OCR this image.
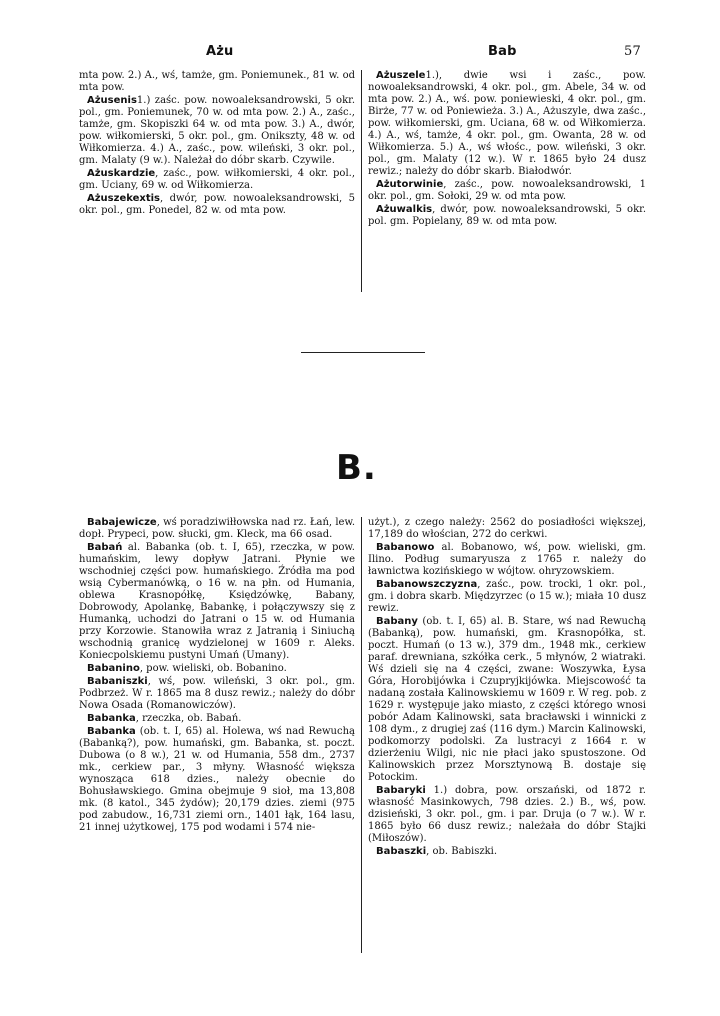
Ażu	Bab	57

mta pow. 2.) A., wś, tamże, gm. Poniemunek., 81 w. od mta pow.

Ażusenis1.) zaśc. pow. nowoaleksandrowski, 5 okr. pol., gm. Poniemunek, 70 w. od mta pow. 2.) A., zaśc., tamże, gm. Skopiszki 64 w. od mta pow. 3.) A., dwór, pow. wiłkomierski, 5 okr. pol., gm. Onikszty, 48 w. od Wiłkomierza. 4.) A., zaśc., pow. wileński, 3 okr. pol., gm. Malaty (9 w.). Należał do dóbr skarb. Czywile.

Ażuskardzie, zaśc., pow. wiłkomierski, 4 okr. pol., gm. Uciany, 69 w. od Wiłkomierza.

Ażuszekextis, dwór, pow. nowoaleksandrowski, 5 okr. pol., gm. Ponedel, 82 w. od mta pow.

Ażuszele1.), dwie wsi i zaśc., pow. nowoaleksandrowski, 4 okr. pol., gm. Abele, 34 w. od mta pow. 2.) A., wś. pow. poniewieski, 4 okr. pol., gm. Birże, 77 w. od Poniewieża. 3.) A., Ażuszyle, dwa zaśc., pow. wiłkomierski, gm. Uciana, 68 w. od Wiłkomierza. 4.) A., wś, tamże, 4 okr. pol., gm. Owanta, 28 w. od Wiłkomierza. 5.) A., wś włośc., pow. wileński, 3 okr. pol., gm. Malaty (12 w.). W r. 1865 było 24 dusz rewiz.; należy do dóbr skarb. Białodwór.

Ażutorwinie, zaśc., pow. nowoaleksandrowski, 1 okr. pol., gm. Sołoki, 29 w. od mta pow.

Ażuwalkis, dwór, pow. nowoaleksandrowski, 5 okr. pol. gm. Popielany, 89 w. od mta pow.

B.

Babajewicze, wś poradziwiłłowska nad rz. Łań, lew. dopł. Prypeci, pow. słucki, gm. Kleck, ma 66 osad.

Babań al. Babanka (ob. t. I, 65), rzeczka, w pow. humańskim, lewy dopływ Jatrani. Płynie we wschodniej części pow. humańskiego. Źródła ma pod wsią Cybermanówką, o 16 w. na płn. od Humania, oblewa Krasnopółkę, Księdzówkę, Babany, Dobrowody, Apolankę, Babankę, i połączywszy się z Humanką, uchodzi do Jatrani o 15 w. od Humania przy Korzowie. Stanowiła wraz z Jatranią i Siniuchą wschodnią granicę wydzielonej w 1609 r. Aleks. Koniecpolskiemu pustyni Umań (Umany).

Babanino, pow. wieliski, ob. Bobanino.

Babaniszki, wś, pow. wileński, 3 okr. pol., gm. Podbrzeż. W r. 1865 ma 8 dusz rewiz.; należy do dóbr Nowa Osada (Romanowiczów).

Babanka, rzeczka, ob. Babań.

Babanka (ob. t. I, 65) al. Holewa, wś nad Rewuchą (Babanką?), pow. humański, gm. Babanka, st. poczt. Dubowa (o 8 w.), 21 w. od Humania, 558 dm., 2737 mk., cerkiew par., 3 młyny. Własność większa wynosząca 618 dzies., należy obecnie do Bohusławskiego. Gmina obejmuje 9 sioł, ma 13,808 mk. (8 katol., 345 żydów); 20,179 dzies. ziemi (975 pod zabudow., 16,731 ziemi orn., 1401 łąk, 164 lasu, 21 innej użytkowej, 175 pod wodami i 574 nie-

użyt.), z czego należy: 2562 do posiadłości większej, 17,189 do włościan, 272 do cerkwi.

Babanowo al. Bobanowo, wś, pow. wieliski, gm. Ilino. Podług sumaryusza z 1765 r. należy do ławnictwa kozińskiego w wójtow. ohryzowskiem.

Babanowszczyzna, zaśc., pow. trocki, 1 okr. pol., gm. i dobra skarb. Międzyrzec (o 15 w.); miała 10 dusz rewiz.

Babany (ob. t. I, 65) al. B. Stare, wś nad Rewuchą (Babanką), pow. humański, gm. Krasnopółka, st. poczt. Humań (o 13 w.), 379 dm., 1948 mk., cerkiew paraf. drewniana, szkółka cerk., 5 młynów, 2 wiatraki. Wś dzieli się na 4 części, zwane: Woszywka, Łysa Góra, Horobijówka i Czupryjkijówka. Miejscowość ta nadaną została Kalinowskiemu w 1609 r. W reg. pob. z 1629 r. występuje jako miasto, z części którego wnosi pobór Adam Kalinowski, sata bracławski i winnicki z 108 dym., z drugiej zaś (116 dym.) Marcin Kalinowski, podkomorzy podolski. Za lustracyi z 1664 r. w dzierżeniu Wilgi, nic nie płaci jako spustoszone. Od Kalinowskich przez Morsztynową B. dostaje się Potockim.

Babaryki 1.) dobra, pow. orszański, od 1872 r. własność Masinkowych, 798 dzies. 2.) B., wś, pow. dzisieński, 3 okr. pol., gm. i par. Druja (o 7 w.). W r. 1865 było 66 dusz rewiz.; należała do dóbr Stajki (Miłoszów).

Babaszki, ob. Babiszki.
